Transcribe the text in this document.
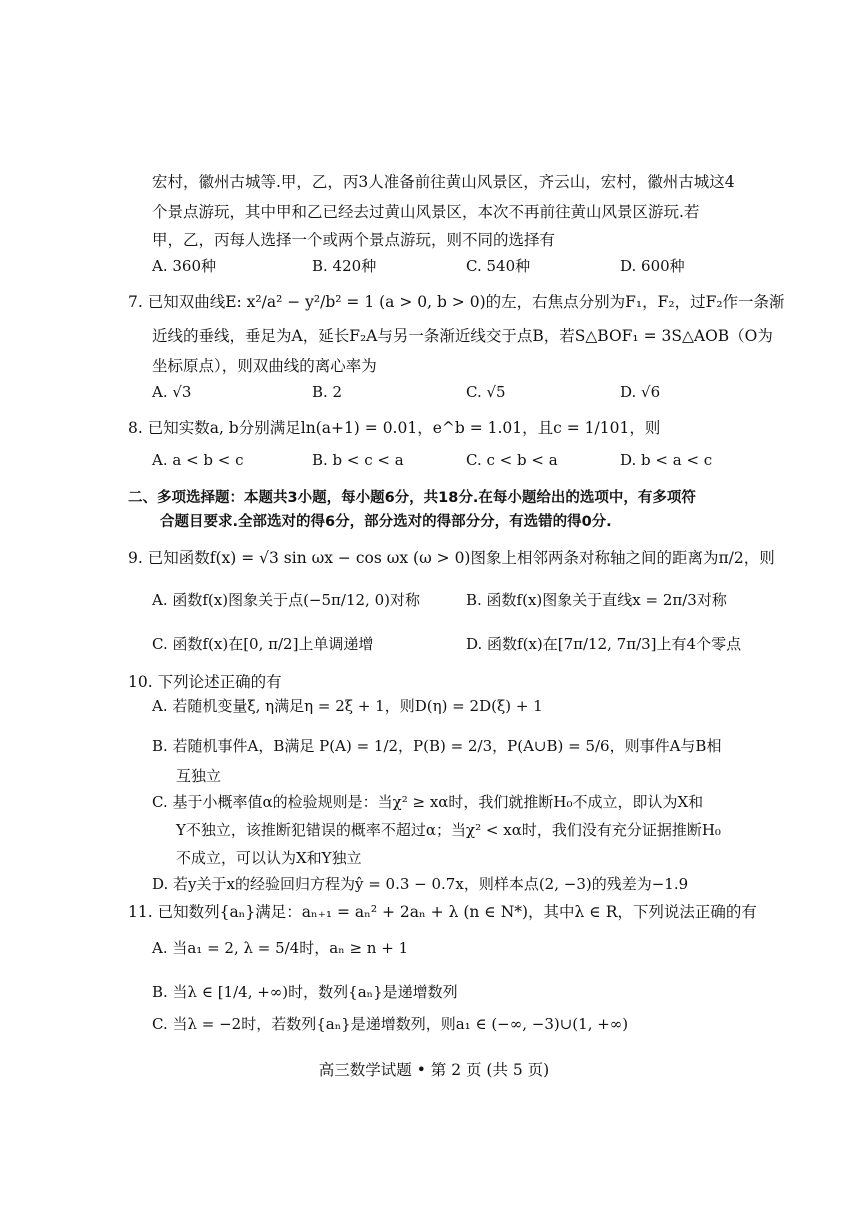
宏村，徽州古城等.甲，乙，丙3人准备前往黄山风景区，齐云山，宏村，徽州古城这4
个景点游玩，其中甲和乙已经去过黄山风景区，本次不再前往黄山风景区游玩.若
甲，乙，丙每人选择一个或两个景点游玩，则不同的选择有
A. 360种	B. 420种	C. 540种	D. 600种
7. 已知双曲线E: x²/a² − y²/b² = 1 (a > 0, b > 0)的左，右焦点分别为F₁，F₂，过F₂作一条渐
近线的垂线，垂足为A，延长F₂A与另一条渐近线交于点B，若S△BOF₁ = 3S△AOB（O为
坐标原点），则双曲线的离心率为
A. √3	B. 2	C. √5	D. √6
8. 已知实数a, b分别满足ln(a+1) = 0.01，e^b = 1.01，且c = 1/101，则
A. a < b < c	B. b < c < a	C. c < b < a	D. b < a < c
二、多项选择题：本题共3小题，每小题6分，共18分.在每小题给出的选项中，有多项符
合题目要求.全部选对的得6分，部分选对的得部分分，有选错的得0分.
9. 已知函数f(x) = √3 sin ωx − cos ωx (ω > 0)图象上相邻两条对称轴之间的距离为π/2，则
A. 函数f(x)图象关于点(−5π/12, 0)对称	B. 函数f(x)图象关于直线x = 2π/3对称
C. 函数f(x)在[0, π/2]上单调递增	D. 函数f(x)在[7π/12, 7π/3]上有4个零点
10. 下列论述正确的有
A. 若随机变量ξ, η满足η = 2ξ + 1，则D(η) = 2D(ξ) + 1
B. 若随机事件A，B满足 P(A) = 1/2，P(B) = 2/3，P(A∪B) = 5/6，则事件A与B相
互独立
C. 基于小概率值α的检验规则是：当χ² ≥ xα时，我们就推断H₀不成立，即认为X和
Y不独立，该推断犯错误的概率不超过α；当χ² < xα时，我们没有充分证据推断H₀
不成立，可以认为X和Y独立
D. 若y关于x的经验回归方程为ŷ = 0.3 − 0.7x，则样本点(2, −3)的残差为−1.9
11. 已知数列{aₙ}满足：aₙ₊₁ = aₙ² + 2aₙ + λ (n ∈ N*)，其中λ ∈ R，下列说法正确的有
A. 当a₁ = 2, λ = 5/4时，aₙ ≥ n + 1
B. 当λ ∈ [1/4, +∞)时，数列{aₙ}是递增数列
C. 当λ = −2时，若数列{aₙ}是递增数列，则a₁ ∈ (−∞, −3)∪(1, +∞)
高三数学试题 • 第 2 页 (共 5 页)
